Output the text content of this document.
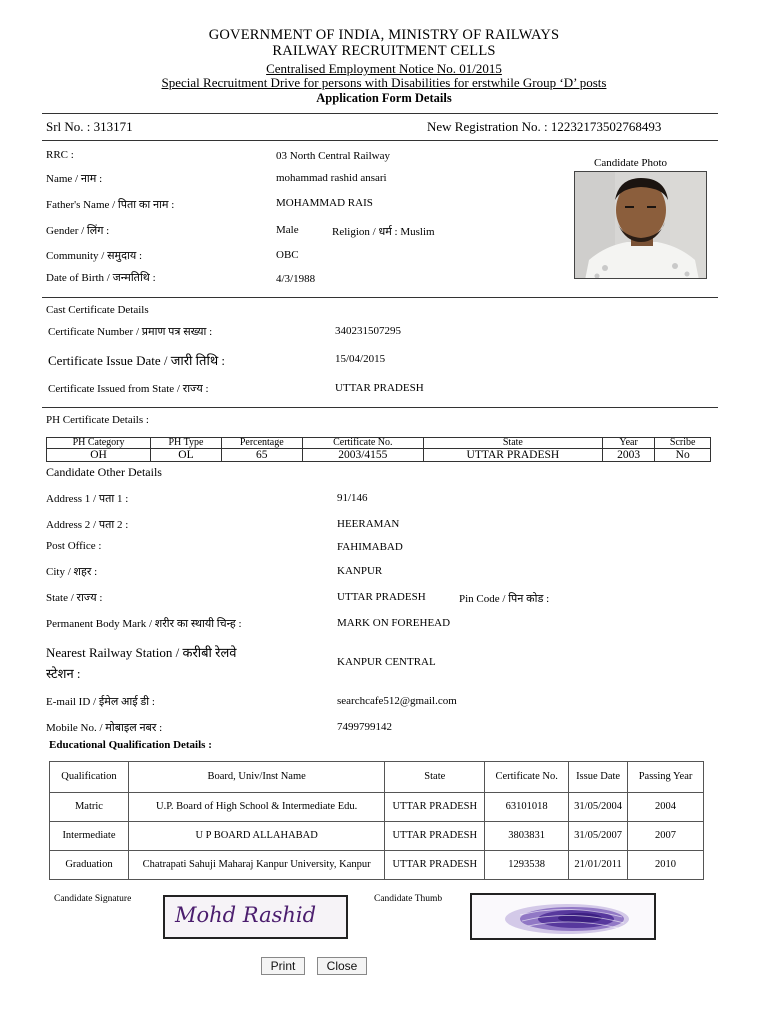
GOVERNMENT OF INDIA, MINISTRY OF RAILWAYS
RAILWAY RECRUITMENT CELLS
Centralised Employment Notice No. 01/2015
Special Recruitment Drive for persons with Disabilities for erstwhile Group ‘D’ posts
Application Form Details
Srl No. : 313171	New Registration No. : 12232173502768493
RRC :	03 North Central Railway
Name / नाम :	mohammad rashid ansari
Father's Name / पिता का नाम :	MOHAMMAD RAIS
Gender / लिंग :	Male	Religion / धर्म : Muslim
Community / समुदाय :	OBC
Date of Birth / जन्मतिथि :	4/3/1988
Candidate Photo
Cast Certificate Details
Certificate Number / प्रमाण पत्र सख्या :	340231507295
Certificate Issue Date / जारी तिथि :	15/04/2015
Certificate Issued from State / राज्य :	UTTAR PRADESH
PH Certificate Details :
PH Category	PH Type	Percentage	Certificate No.	State	Year	Scribe
OH	OL	65	2003/4155	UTTAR PRADESH	2003	No
Candidate Other Details
Address 1 / पता 1 :	91/146
Address 2 / पता 2 :	HEERAMAN
Post Office :	FAHIMABAD
City / शहर :	KANPUR
State / राज्य :	UTTAR PRADESH	Pin Code / पिन कोड :
Permanent Body Mark / शरीर का स्थायी चिन्ह :	MARK ON FOREHEAD
Nearest Railway Station / करीबी रेलवे
स्टेशन :
KANPUR CENTRAL
E-mail ID / ईमेल आई डी :	searchcafe512@gmail.com
Mobile No. / मोबाइल नबर :	7499799142
Educational Qualification Details :
Qualification	Board, Univ/Inst Name	State	Certificate No.	Issue Date	Passing Year
Matric	U.P. Board of High School & Intermediate Edu.	UTTAR PRADESH	63101018	31/05/2004	2004
Intermediate	U P BOARD ALLAHABAD	UTTAR PRADESH	3803831	31/05/2007	2007
Graduation	Chatrapati Sahuji Maharaj Kanpur University, Kanpur	UTTAR PRADESH	1293538	21/01/2011	2010
Candidate Signature
Mohd Rashid
Candidate Thumb
Print	Close
